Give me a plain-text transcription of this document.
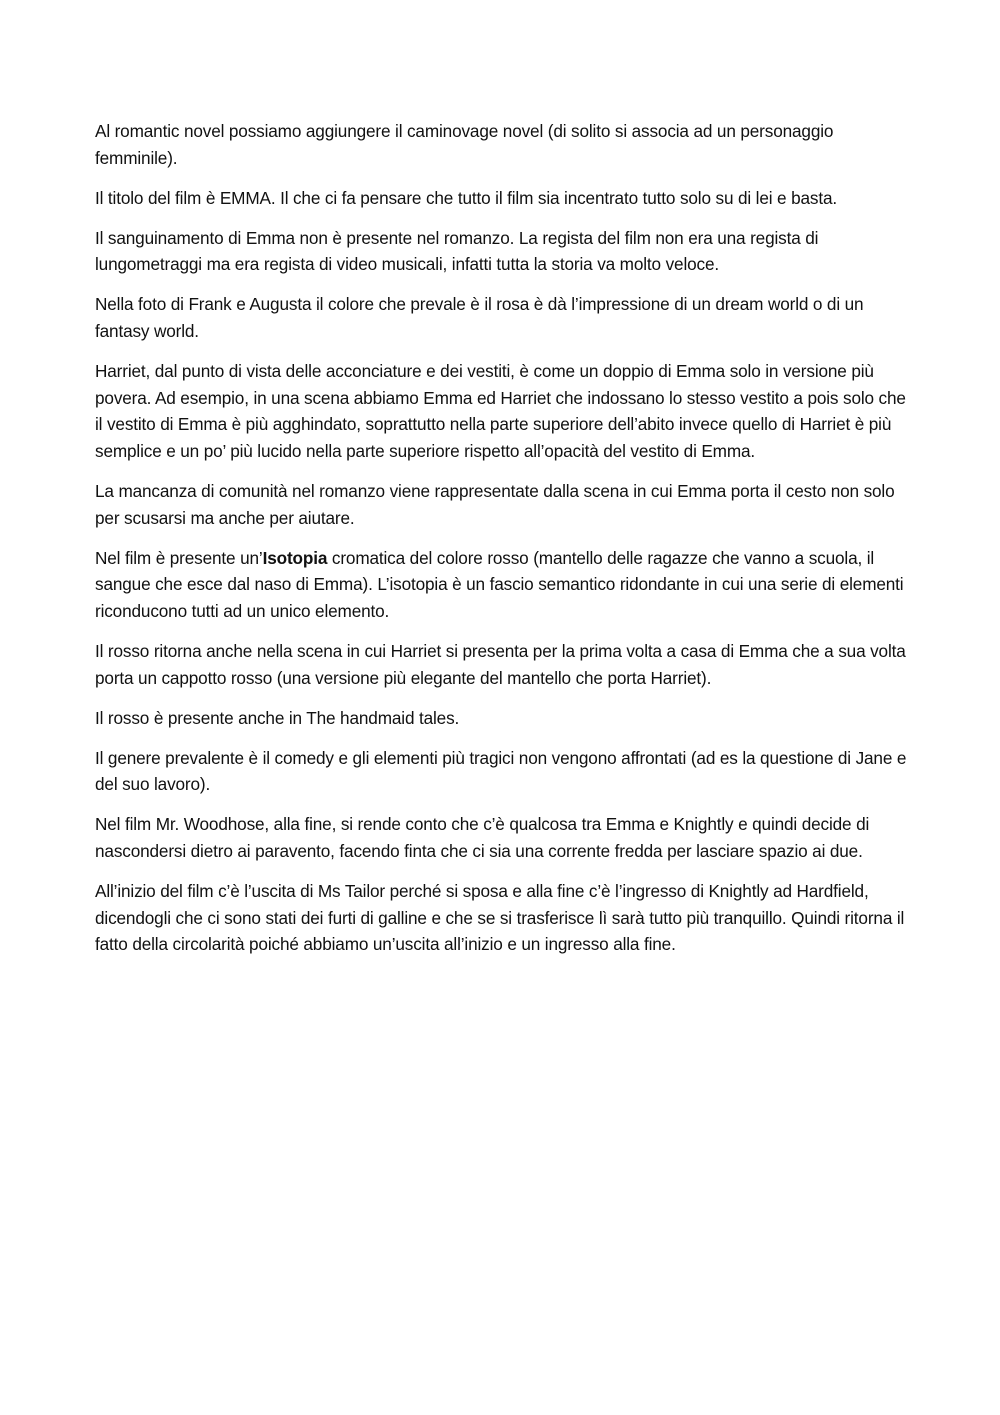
Al romantic novel possiamo aggiungere il caminovage novel (di solito si associa ad un personaggio femminile).

Il titolo del film è EMMA. Il che ci fa pensare che tutto il film sia incentrato tutto solo su di lei e basta.

Il sanguinamento di Emma non è presente nel romanzo. La regista del film non era una regista di lungometraggi ma era regista di video musicali, infatti tutta la storia va molto veloce.

Nella foto di Frank e Augusta il colore che prevale è il rosa è dà l’impressione di un dream world o di un fantasy world.

Harriet, dal punto di vista delle acconciature e dei vestiti, è come un doppio di Emma solo in versione più povera. Ad esempio, in una scena abbiamo Emma ed Harriet che indossano lo stesso vestito a pois solo che il vestito di Emma è più agghindato, soprattutto nella parte superiore dell’abito invece quello di Harriet è più semplice e un po’ più lucido nella parte superiore rispetto all’opacità del vestito di Emma.

La mancanza di comunità nel romanzo viene rappresentate dalla scena in cui Emma porta il cesto non solo per scusarsi ma anche per aiutare.

Nel film è presente un’Isotopia cromatica del colore rosso (mantello delle ragazze che vanno a scuola, il sangue che esce dal naso di Emma). L’isotopia è un fascio semantico ridondante in cui una serie di elementi riconducono tutti ad un unico elemento.

Il rosso ritorna anche nella scena in cui Harriet si presenta per la prima volta a casa di Emma che a sua volta porta un cappotto rosso (una versione più elegante del mantello che porta Harriet).

Il rosso è presente anche in The handmaid tales.

Il genere prevalente è il comedy e gli elementi più tragici non vengono affrontati (ad es la questione di Jane e del suo lavoro).

Nel film Mr. Woodhose, alla fine, si rende conto che c’è qualcosa tra Emma e Knightly e quindi decide di nascondersi dietro ai paravento, facendo finta che ci sia una corrente fredda per lasciare spazio ai due.

All’inizio del film c’è l’uscita di Ms Tailor perché si sposa e alla fine c’è l’ingresso di Knightly ad Hardfield, dicendogli che ci sono stati dei furti di galline e che se si trasferisce lì sarà tutto più tranquillo. Quindi ritorna il fatto della circolarità poiché abbiamo un’uscita all’inizio e un ingresso alla fine.
